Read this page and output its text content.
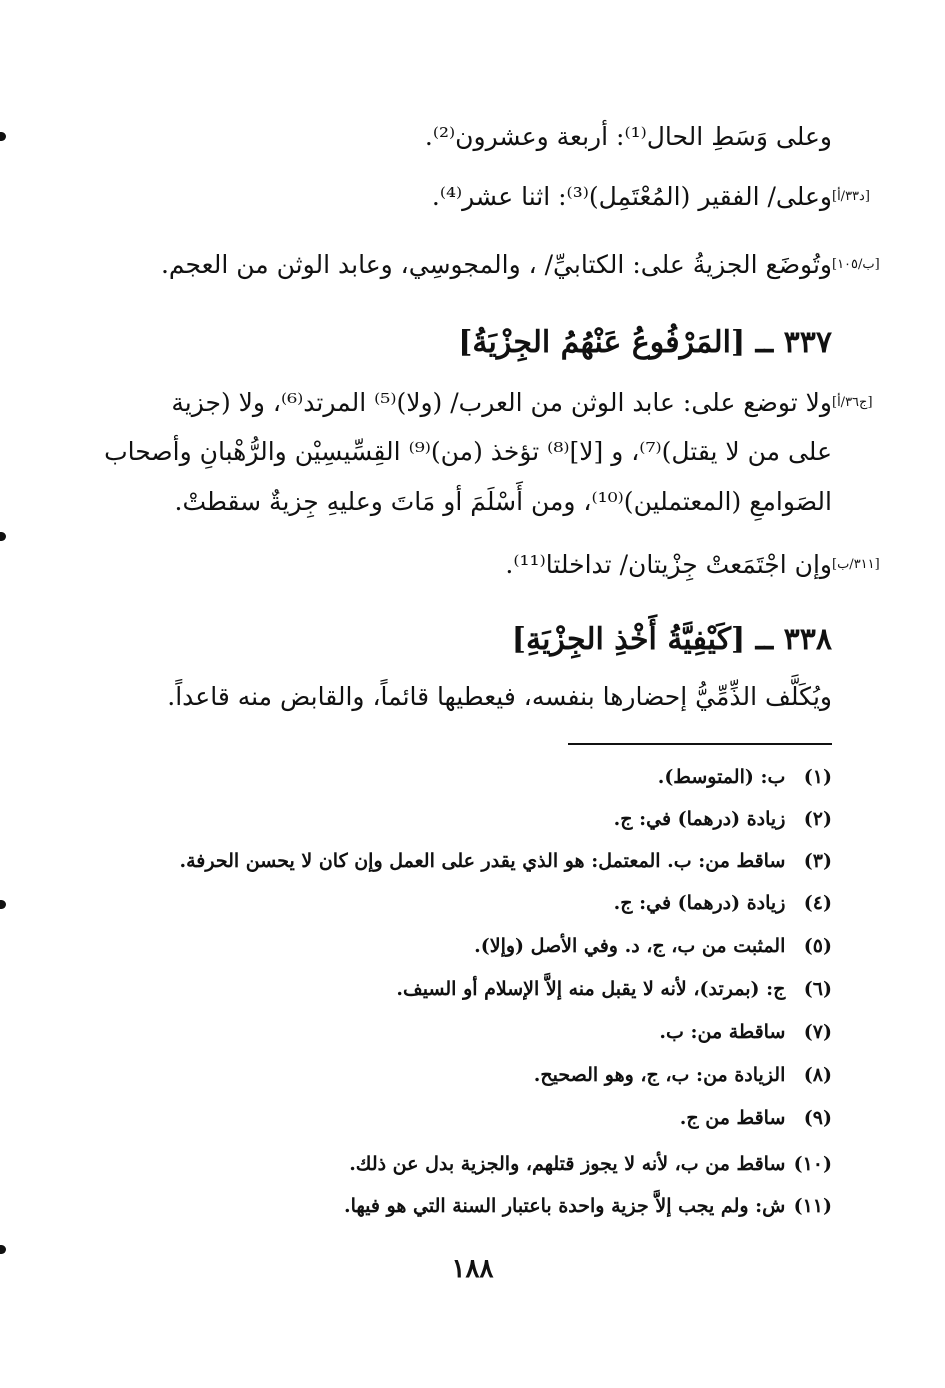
وعلى وَسَطِ الحال⁽¹⁾: أربعة وعشرون⁽²⁾.
[د٣٣/أ]
وعلى/ الفقير (المُعْتَمِل)⁽³⁾: اثنا عشر⁽⁴⁾.
[ب/١٠٥]
وتُوضَع الجزيةُ على: الكتابيِّ/ ، والمجوسِي، وعابد الوثن من العجم.
٣٣٧ ــ [المَرْفُوعُ عَنْهُمُ الجِزْيَةُ]
[ج٣٦/أ]
ولا توضع على: عابد الوثن من العرب/ (ولا)⁽⁵⁾ المرتد⁽⁶⁾، ولا (جزية
على من لا يقتل)⁽⁷⁾، و [لا]⁽⁸⁾ تؤخذ (من)⁽⁹⁾ القِسِّيسِيْن والرُّهْبانِ وأصحاب
الصَوامعِ (المعتملين)⁽¹⁰⁾، ومن أَسْلَمَ أو مَاتَ وعليهِ جِزيةٌ سقطتْ.
[٣١١/ب]
وإن اجْتَمَعتْ جِزْيتان/ تداخلتا⁽¹¹⁾.
٣٣٨ ــ [كَيْفِيَّةُ أَخْذِ الجِزْيَةِ]
ويُكَلَّف الذِّمِّيُّ إحضارها بنفسه، فيعطيها قائماً، والقابض منه قاعداً.
(١) ب: (المتوسط).
(٢) زيادة (درهما) في: ج.
(٣) ساقط من: ب. المعتمل: هو الذي يقدر على العمل وإن كان لا يحسن الحرفة.
(٤) زيادة (درهما) في: ج.
(٥) المثبت من ب، ج، د. وفي الأصل (وإلا).
(٦) ج: (بمرتد)، لأنه لا يقبل منه إلاَّ الإسلام أو السيف.
(٧) ساقطة من: ب.
(٨) الزيادة من: ب، ج، وهو الصحيح.
(٩) ساقط من ج.
(١٠) ساقط من ب، لأنه لا يجوز قتلهم، والجزية بدل عن ذلك.
(١١) ش: ولم يجب إلاَّ جزية واحدة باعتبار السنة التي هو فيها.
١٨٨
